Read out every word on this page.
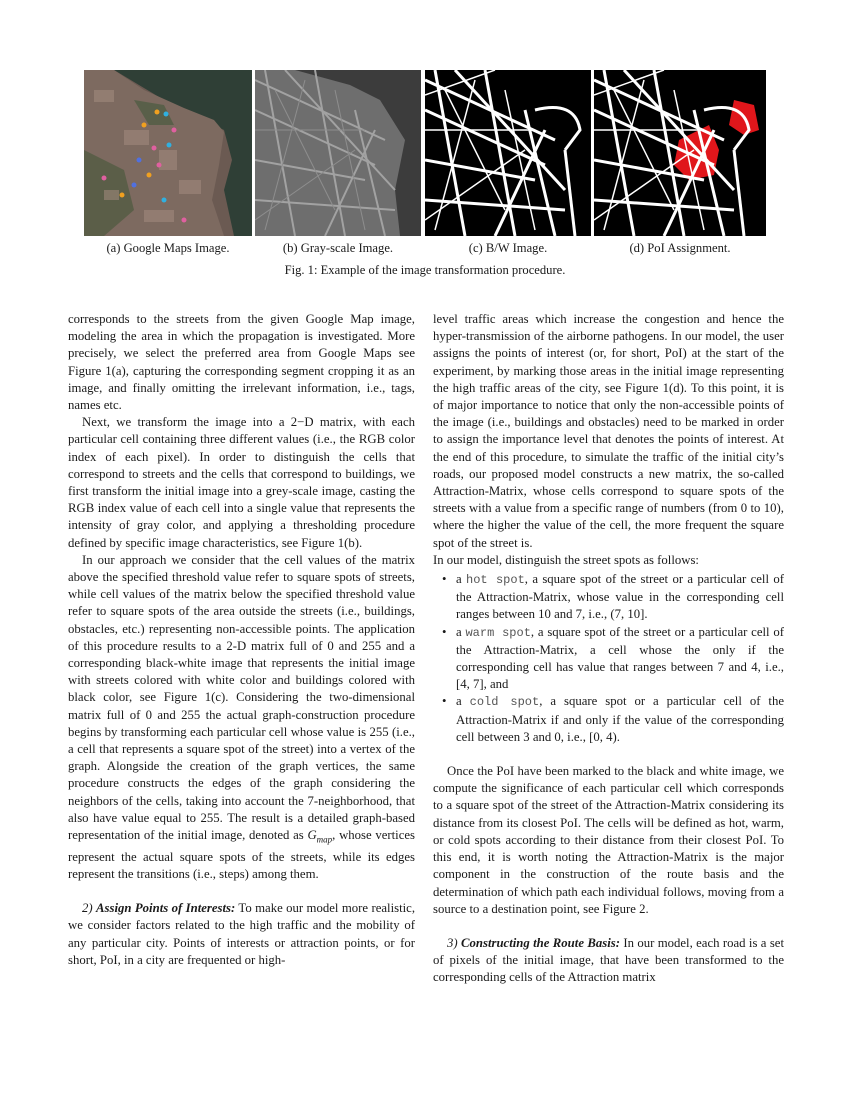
(a) Google Maps Image.	(b) Gray-scale Image.	(c) B/W Image.	(d) PoI Assignment.
Fig. 1: Example of the image transformation procedure.

corresponds to the streets from the given Google Map image, modeling the area in which the propagation is investigated. More precisely, we select the preferred area from Google Maps see Figure 1(a), capturing the corresponding segment cropping it as an image, and finally omitting the irrelevant information, i.e., tags, names etc.

Next, we transform the image into a 2−D matrix, with each particular cell containing three different values (i.e., the RGB color index of each pixel). In order to distinguish the cells that correspond to streets and the cells that correspond to buildings, we first transform the initial image into a grey-scale image, casting the RGB index value of each cell into a single value that represents the intensity of gray color, and applying a thresholding procedure defined by specific image characteristics, see Figure 1(b).

In our approach we consider that the cell values of the matrix above the specified threshold value refer to square spots of streets, while cell values of the matrix below the specified threshold value refer to square spots of the area outside the streets (i.e., buildings, obstacles, etc.) representing non-accessible points. The application of this procedure results to a 2-D matrix full of 0 and 255 and a corresponding black-white image that represents the initial image with streets colored with white color and buildings colored with black color, see Figure 1(c). Considering the two-dimensional matrix full of 0 and 255 the actual graph-construction procedure begins by transforming each particular cell whose value is 255 (i.e., a cell that represents a square spot of the street) into a vertex of the graph. Alongside the creation of the graph vertices, the same procedure constructs the edges of the graph considering the neighbors of the cells, taking into account the 7-neighborhood, that also have value equal to 255. The result is a detailed graph-based representation of the initial image, denoted as $G_{map}$, whose vertices represent the actual square spots of the streets, while its edges represent the transitions (i.e., steps) among them.

2) Assign Points of Interests: To make our model more realistic, we consider factors related to the high traffic and the mobility of any particular city. Points of interests or attraction points, or for short, PoI, in a city are frequented or high-

level traffic areas which increase the congestion and hence the hyper-transmission of the airborne pathogens. In our model, the user assigns the points of interest (or, for short, PoI) at the start of the experiment, by marking those areas in the initial image representing the high traffic areas of the city, see Figure 1(d). To this point, it is of major importance to notice that only the non-accessible points of the image (i.e., buildings and obstacles) need to be marked in order to assign the importance level that denotes the points of interest. At the end of this procedure, to simulate the traffic of the initial city’s roads, our proposed model constructs a new matrix, the so-called Attraction-Matrix, whose cells correspond to square spots of the streets with a value from a specific range of numbers (from 0 to 10), where the higher the value of the cell, the more frequent the square spot of the street is.

In our model, distinguish the street spots as follows:

• a hot spot, a square spot of the street or a particular cell of the Attraction-Matrix, whose value in the corresponding cell ranges between 10 and 7, i.e., (7, 10].
• a warm spot, a square spot of the street or a particular cell of the Attraction-Matrix, a cell whose the only if the corresponding cell has value that ranges between 7 and 4, i.e., [4, 7], and
• a cold spot, a square spot or a particular cell of the Attraction-Matrix if and only if the value of the corresponding cell between 3 and 0, i.e., [0, 4).

Once the PoI have been marked to the black and white image, we compute the significance of each particular cell which corresponds to a square spot of the street of the Attraction-Matrix considering its distance from its closest PoI. The cells will be defined as hot, warm, or cold spots according to their distance from their closest PoI. To this end, it is worth noting the Attraction-Matrix is the major component in the construction of the route basis and the determination of which path each individual follows, moving from a source to a destination point, see Figure 2.

3) Constructing the Route Basis: In our model, each road is a set of pixels of the initial image, that have been transformed to the corresponding cells of the Attraction matrix
